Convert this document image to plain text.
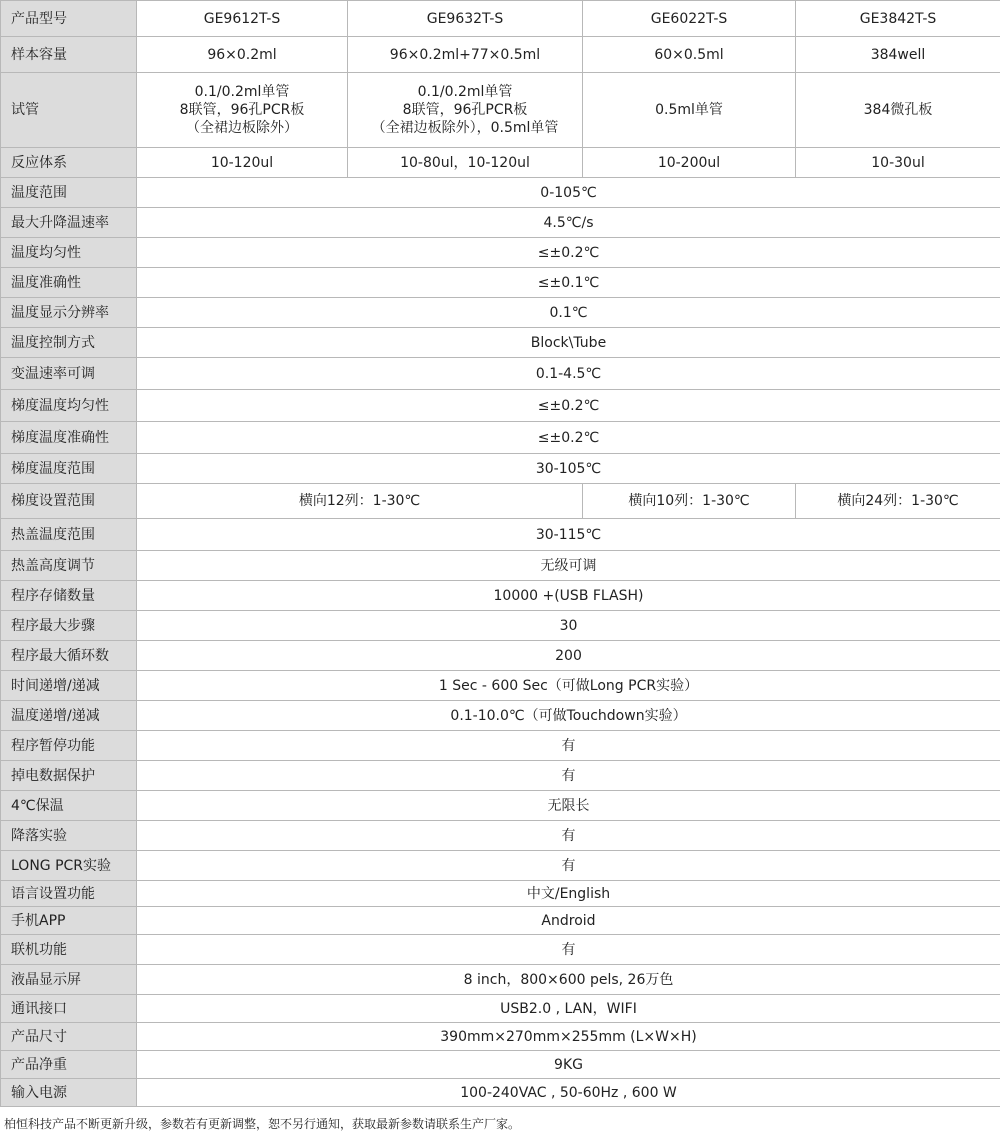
产品型号	GE9612T-S	GE9632T-S	GE6022T-S	GE3842T-S

样本容量	96×0.2ml	96×0.2ml+77×0.5ml	60×0.5ml	384well

试管	0.1/0.2ml单管
8联管，96孔PCR板
（全裙边板除外）	0.1/0.2ml单管
8联管，96孔PCR板
（全裙边板除外），0.5ml单管	0.5ml单管	384微孔板

反应体系	10-120ul	10-80ul，10-120ul	10-200ul	10-30ul

温度范围	0-105℃			

最大升降温速率	4.5℃/s			

温度均匀性	≤±0.2℃			

温度准确性	≤±0.1℃			

温度显示分辨率	0.1℃			

温度控制方式	Block\Tube			

变温速率可调	0.1-4.5℃			

梯度温度均匀性	≤±0.2℃			

梯度温度准确性	≤±0.2℃			

梯度温度范围	30-105℃			

梯度设置范围	横向12列：1-30℃		横向10列：1-30℃	横向24列：1-30℃

热盖温度范围	30-115℃			

热盖高度调节	无级可调			

程序存储数量	10000 +(USB FLASH)			

程序最大步骤	30			

程序最大循环数	200			

时间递增/递减	1 Sec - 600 Sec（可做Long PCR实验）			

温度递增/递减	0.1-10.0℃（可做Touchdown实验）			

程序暂停功能	有			

掉电数据保护	有			

4℃保温	无限长			

降落实验	有			

LONG PCR实验	有			

语言设置功能	中文/English			

手机APP	Android			

联机功能	有			

液晶显示屏	8 inch，800×600 pels, 26万色			

通讯接口	USB2.0 , LAN，WIFI			

产品尺寸	390mm×270mm×255mm (L×W×H)			

产品净重	9KG			

输入电源	100-240VAC , 50-60Hz , 600 W			
柏恒科技产品不断更新升级，参数若有更新调整，恕不另行通知，获取最新参数请联系生产厂家。
